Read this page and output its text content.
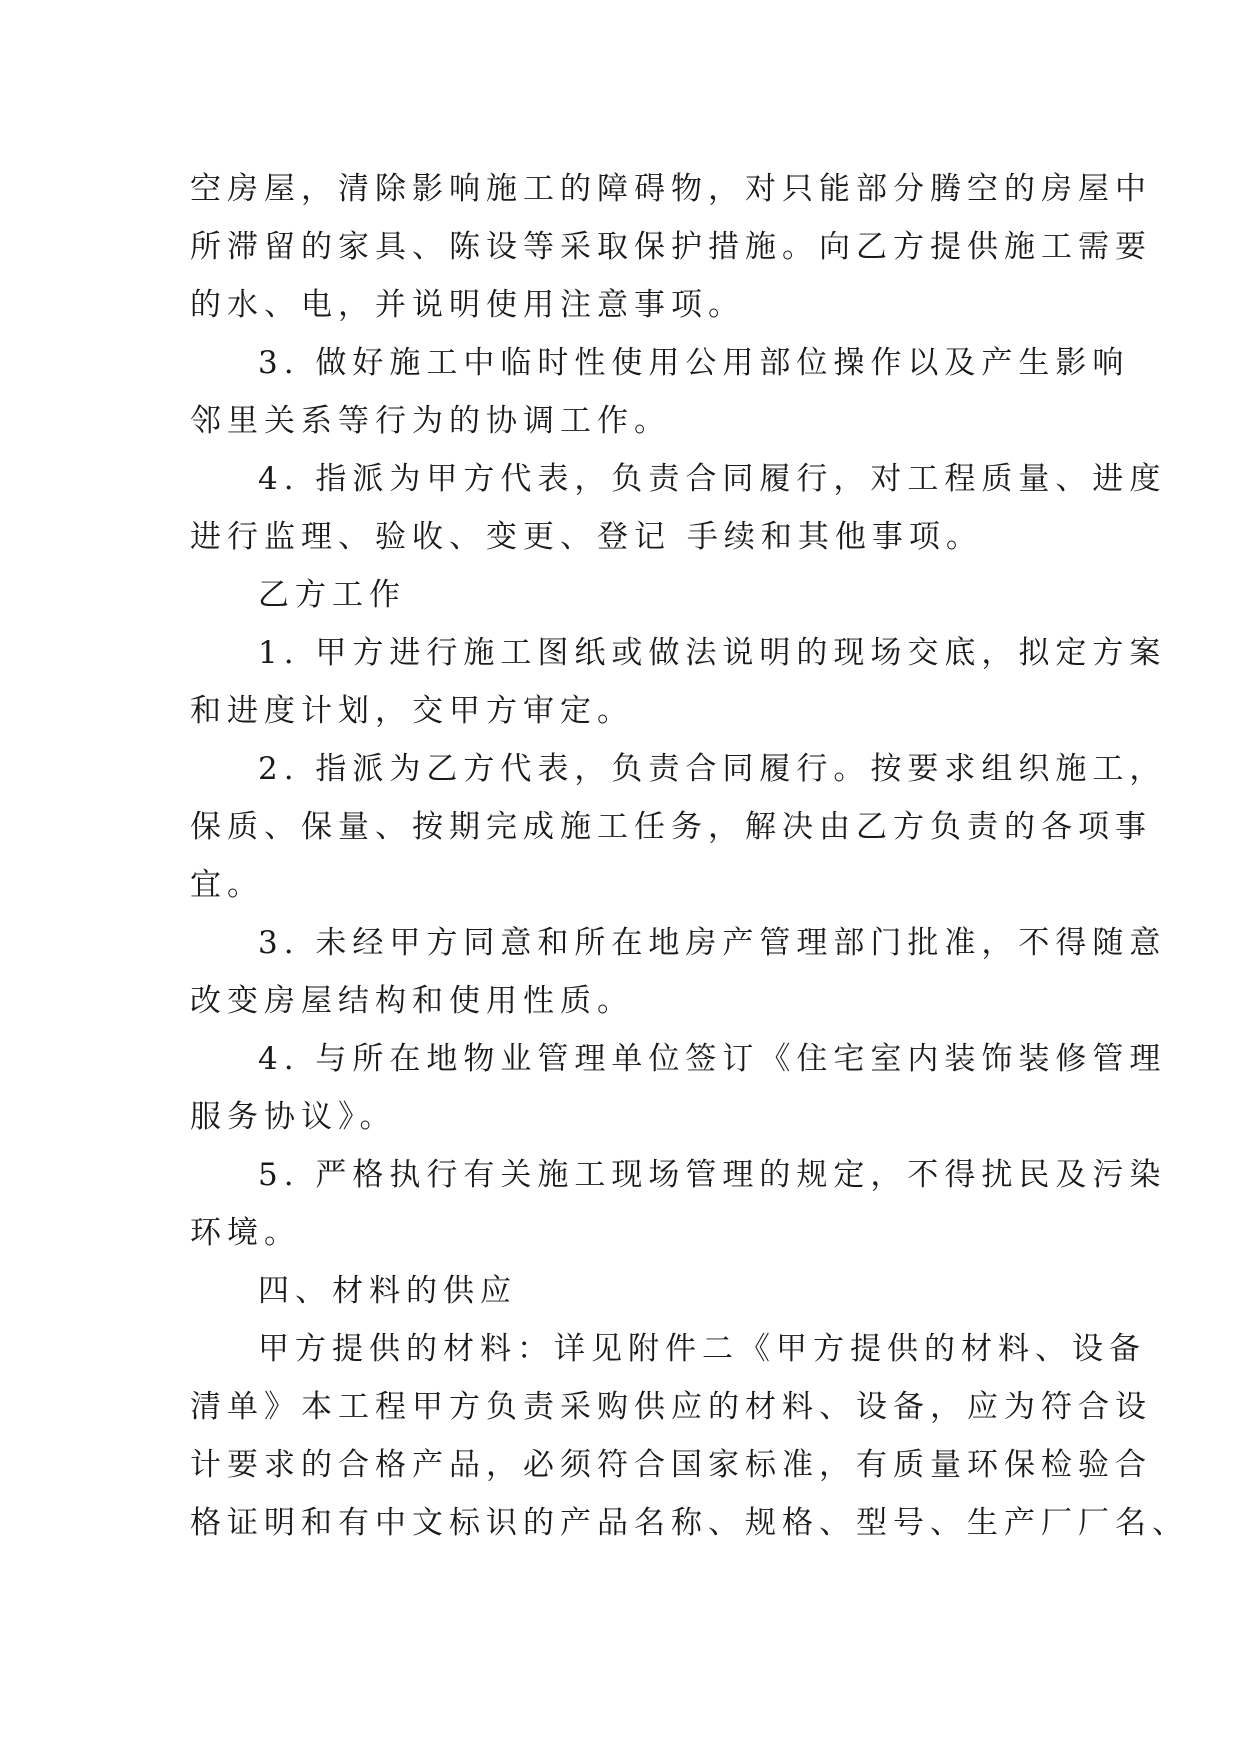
空房屋，清除影响施工的障碍物，对只能部分腾空的房屋中
所滞留的家具、陈设等采取保护措施。向乙方提供施工需要
的水、电，并说明使用注意事项。
3. 做好施工中临时性使用公用部位操作以及产生影响
邻里关系等行为的协调工作。
4. 指派为甲方代表，负责合同履行，对工程质量、进度
进行监理、验收、变更、登记 手续和其他事项。
乙方工作
1. 甲方进行施工图纸或做法说明的现场交底，拟定方案
和进度计划，交甲方审定。
2. 指派为乙方代表，负责合同履行。按要求组织施工，
保质、保量、按期完成施工任务，解决由乙方负责的各项事
宜。
3. 未经甲方同意和所在地房产管理部门批准，不得随意
改变房屋结构和使用性质。
4. 与所在地物业管理单位签订《住宅室内装饰装修管理
服务协议》。
5. 严格执行有关施工现场管理的规定，不得扰民及污染
环境。
四、材料的供应
甲方提供的材料：详见附件二《甲方提供的材料、设备
清单》本工程甲方负责采购供应的材料、设备，应为符合设
计要求的合格产品，必须符合国家标准，有质量环保检验合
格证明和有中文标识的产品名称、规格、型号、生产厂厂名、
